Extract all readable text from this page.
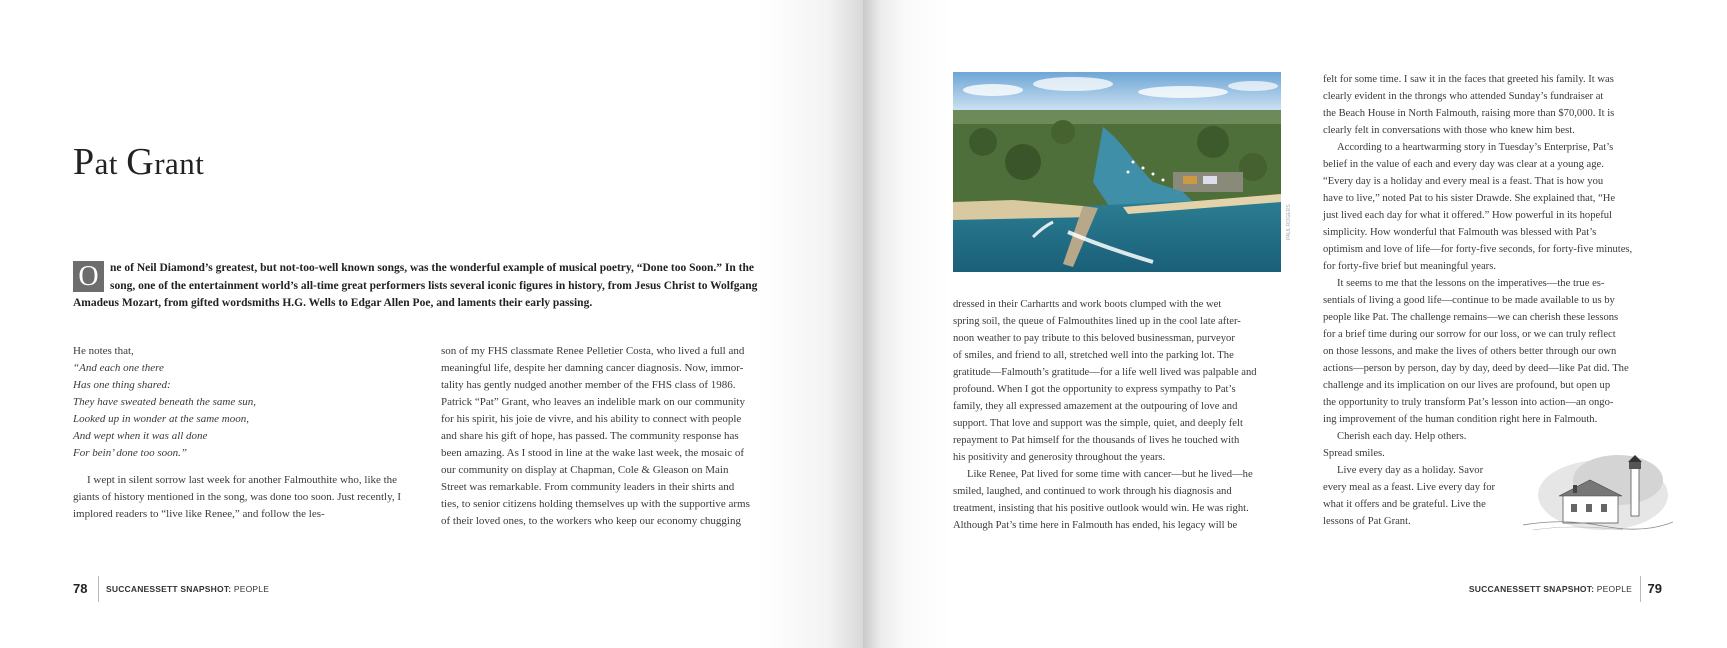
Pat Grant
O ne of Neil Diamond’s greatest, but not-too-well known songs, was the wonderful example of musical poetry, “Done too Soon.” In the song, one of the entertainment world’s all-time great performers lists several iconic figures in history, from Jesus Christ to Wolfgang Amadeus Mozart, from gifted wordsmiths H.G. Wells to Edgar Allen Poe, and laments their early passing.

He notes that,

“And each one there

Has one thing shared:

They have sweated beneath the same sun,

Looked up in wonder at the same moon,

And wept when it was all done

For bein’ done too soon.”

I wept in silent sorrow last week for another Falmouthite who, like the giants of history mentioned in the song, was done too soon. Just recently, I implored readers to “live like Renee,” and follow the les-

son of my FHS classmate Renee Pelletier Costa, who lived a full and

meaningful life, despite her damning cancer diagnosis. Now, immor-

tality has gently nudged another member of the FHS class of 1986.

Patrick “Pat” Grant, who leaves an indelible mark on our community

for his spirit, his joie de vivre, and his ability to connect with people

and share his gift of hope, has passed. The community response has

been amazing. As I stood in line at the wake last week, the mosaic of

our community on display at Chapman, Cole & Gleason on Main

Street was remarkable. From community leaders in their shirts and

ties, to senior citizens holding themselves up with the supportive arms

of their loved ones, to the workers who keep our economy chugging

78 SUCCANESSETT SNAPSHOT: PEOPLE
PAUL ROGERS

dressed in their Carhartts and work boots clumped with the wet

spring soil, the queue of Falmouthites lined up in the cool late after-

noon weather to pay tribute to this beloved businessman, purveyor

of smiles, and friend to all, stretched well into the parking lot. The

gratitude—Falmouth’s gratitude—for a life well lived was palpable and

profound. When I got the opportunity to express sympathy to Pat’s

family, they all expressed amazement at the outpouring of love and

support. That love and support was the simple, quiet, and deeply felt

repayment to Pat himself for the thousands of lives he touched with

his positivity and generosity throughout the years.

Like Renee, Pat lived for some time with cancer—but he lived—he

smiled, laughed, and continued to work through his diagnosis and

treatment, insisting that his positive outlook would win. He was right.

Although Pat’s time here in Falmouth has ended, his legacy will be

felt for some time. I saw it in the faces that greeted his family. It was

clearly evident in the throngs who attended Sunday’s fundraiser at

the Beach House in North Falmouth, raising more than $70,000. It is

clearly felt in conversations with those who knew him best.

According to a heartwarming story in Tuesday’s Enterprise, Pat’s

belief in the value of each and every day was clear at a young age.

“Every day is a holiday and every meal is a feast. That is how you

have to live,” noted Pat to his sister Drawde. She explained that, “He

just lived each day for what it offered.” How powerful in its hopeful

simplicity. How wonderful that Falmouth was blessed with Pat’s

optimism and love of life—for forty-five seconds, for forty-five minutes,

for forty-five brief but meaningful years.

It seems to me that the lessons on the imperatives—the true es-

sentials of living a good life—continue to be made available to us by

people like Pat. The challenge remains—we can cherish these lessons

for a brief time during our sorrow for our loss, or we can truly reflect

on those lessons, and make the lives of others better through our own

actions—person by person, day by day, deed by deed—like Pat did. The

challenge and its implication on our lives are profound, but open up

the opportunity to truly transform Pat’s lesson into action—an ongo-

ing improvement of the human condition right here in Falmouth.

Cherish each day. Help others.

Spread smiles.

Live every day as a holiday. Savor

every meal as a feast. Live every day for

what it offers and be grateful. Live the

lessons of Pat Grant.

SUCCANESSETT SNAPSHOT: PEOPLE 79
